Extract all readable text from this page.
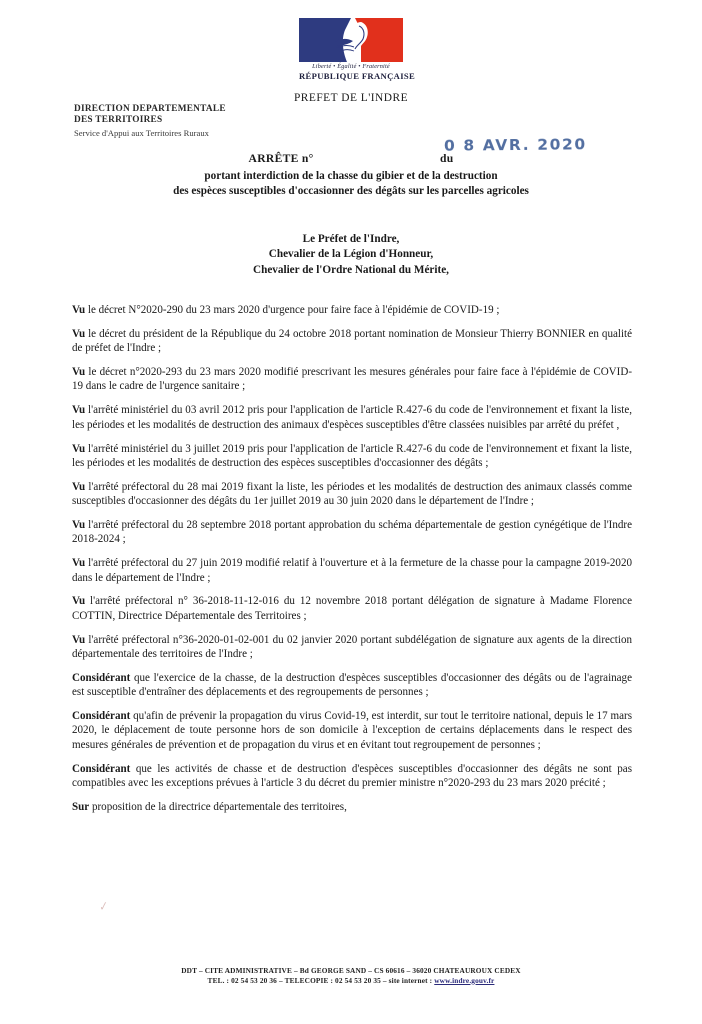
Liberté • Égalité • Fraternité
RÉPUBLIQUE FRANÇAISE
PREFET DE L'INDRE
DIRECTION DEPARTEMENTALE
DES TERRITOIRES
Service d'Appui aux Territoires Ruraux
0 8 AVR. 2020
ARRÊTE n°	du
portant interdiction de la chasse du gibier et de la destruction
des espèces susceptibles d'occasionner des dégâts sur les parcelles agricoles
Le Préfet de l'Indre,
Chevalier de la Légion d'Honneur,
Chevalier de l'Ordre National du Mérite,
Vu le décret N°2020-290 du 23 mars 2020 d'urgence pour faire face à l'épidémie de COVID-19 ;
Vu le décret du président de la République du 24 octobre 2018 portant nomination de Monsieur Thierry BONNIER en qualité de préfet de l'Indre ;
Vu le décret n°2020-293 du 23 mars 2020 modifié prescrivant les mesures générales pour faire face à l'épidémie de COVID-19 dans le cadre de l'urgence sanitaire ;
Vu l'arrêté ministériel du 03 avril 2012 pris pour l'application de l'article R.427-6 du code de l'environnement et fixant la liste, les périodes et les modalités de destruction des animaux d'espèces susceptibles d'être classées nuisibles par arrêté du préfet ,
Vu l'arrêté ministériel du 3 juillet 2019 pris pour l'application de l'article R.427-6 du code de l'environnement et fixant la liste, les périodes et les modalités de destruction des espèces susceptibles d'occasionner des dégâts ;
Vu l'arrêté préfectoral du 28 mai 2019 fixant la liste, les périodes et les modalités de destruction des animaux classés comme susceptibles d'occasionner des dégâts du 1er juillet 2019 au 30 juin 2020 dans le département de l'Indre ;
Vu l'arrêté préfectoral du 28 septembre 2018 portant approbation du schéma départementale de gestion cynégétique de l'Indre 2018-2024 ;
Vu l'arrêté préfectoral du 27 juin 2019 modifié relatif à l'ouverture et à la fermeture de la chasse pour la campagne 2019-2020 dans le département de l'Indre ;
Vu l'arrêté préfectoral n° 36-2018-11-12-016 du 12 novembre 2018 portant délégation de signature à Madame Florence COTTIN, Directrice Départementale des Territoires ;
Vu l'arrêté préfectoral n°36-2020-01-02-001 du 02 janvier 2020 portant subdélégation de signature aux agents de la direction départementale des territoires de l'Indre ;
Considérant que l'exercice de la chasse, de la destruction d'espèces susceptibles d'occasionner des dégâts ou de l'agrainage est susceptible d'entraîner des déplacements et des regroupements de personnes ;
Considérant qu'afin de prévenir la propagation du virus Covid-19, est interdit, sur tout le territoire national, depuis le 17 mars 2020, le déplacement de toute personne hors de son domicile à l'exception de certains déplacements dans le respect des mesures générales de prévention et de propagation du virus et en évitant tout regroupement de personnes ;
Considérant que les activités de chasse et de destruction d'espèces susceptibles d'occasionner des dégâts ne sont pas compatibles avec les exceptions prévues à l'article 3 du décret du premier ministre n°2020-293 du 23 mars 2020 précité ;
Sur proposition de la directrice départementale des territoires,
✓
DDT – CITE ADMINISTRATIVE – Bd GEORGE SAND – CS 60616 – 36020 CHATEAUROUX CEDEX
TEL. : 02 54 53 20 36 – TELECOPIE : 02 54 53 20 35 – site internet : www.indre.gouv.fr
